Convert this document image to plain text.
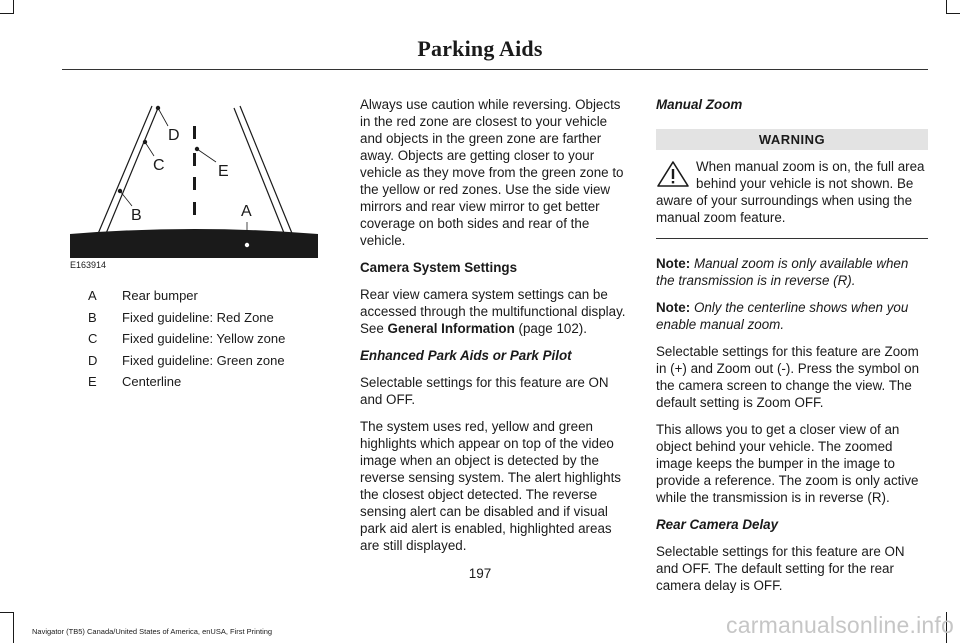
Parking Aids
D
C	E
B	A
E163914
A	Rear bumper
B	Fixed guideline: Red Zone
C	Fixed guideline: Yellow zone
D	Fixed guideline: Green zone
E	Centerline

Always use caution while reversing. Objects in the red zone are closest to your vehicle and objects in the green zone are farther away. Objects are getting closer to your vehicle as they move from the green zone to the yellow or red zones. Use the side view mirrors and rear view mirror to get better coverage on both sides and rear of the vehicle.

Camera System Settings

Rear view camera system settings can be accessed through the multifunctional display. See General Information (page 102).

Enhanced Park Aids or Park Pilot

Selectable settings for this feature are ON and OFF.

The system uses red, yellow and green highlights which appear on top of the video image when an object is detected by the reverse sensing system. The alert highlights the closest object detected. The reverse sensing alert can be disabled and if visual park aid alert is enabled, highlighted areas are still displayed.

Manual Zoom

WARNING
When manual zoom is on, the full area behind your vehicle is not shown. Be aware of your surroundings when using the manual zoom feature.

Note: Manual zoom is only available when the transmission is in reverse (R).

Note: Only the centerline shows when you enable manual zoom.

Selectable settings for this feature are Zoom in (+) and Zoom out (-). Press the symbol on the camera screen to change the view. The default setting is Zoom OFF.

This allows you to get a closer view of an object behind your vehicle. The zoomed image keeps the bumper in the image to provide a reference. The zoom is only active while the transmission is in reverse (R).

Rear Camera Delay

Selectable settings for this feature are ON and OFF. The default setting for the rear camera delay is OFF.

197
Navigator (TB5) Canada/United States of America, enUSA, First Printing	carmanualsonline.info
